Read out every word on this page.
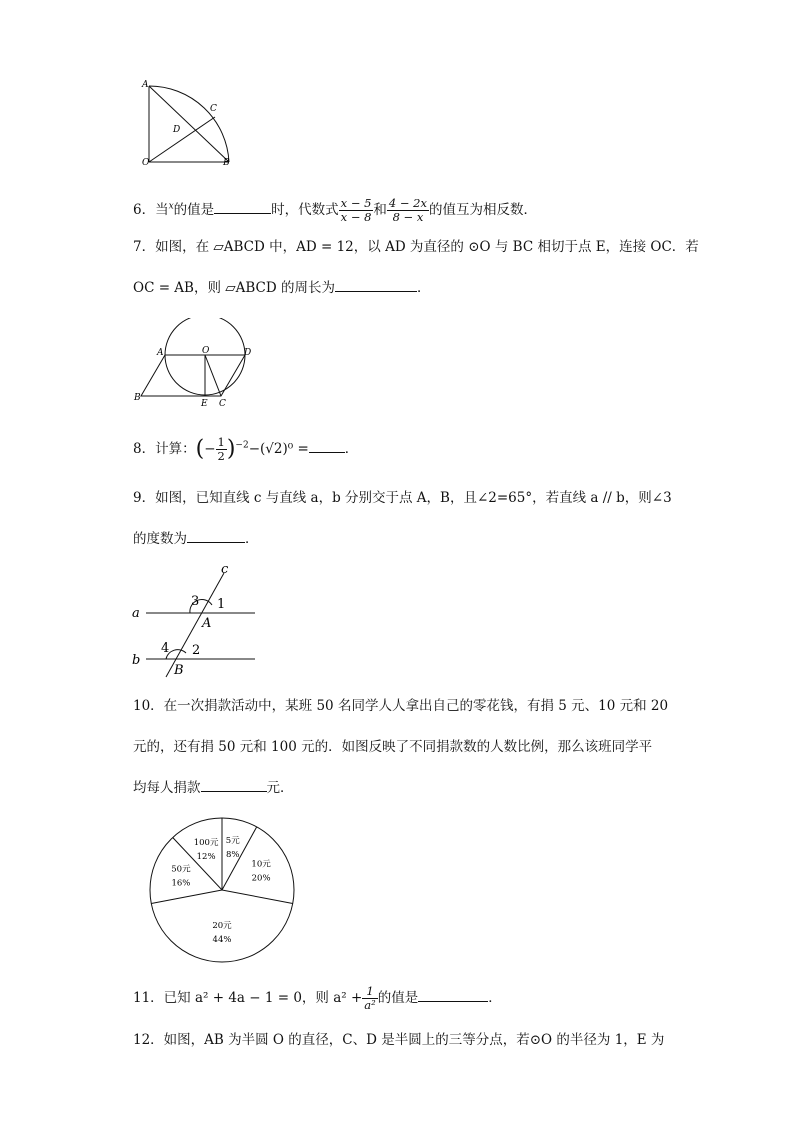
A
C
D
O	B
6．当$^x$的值是	时，代数式 $\frac{x - 5}{x - 8}$ 和 $\frac{4 - 2x}{8 - x}$ 的值互为相反数．
7．如图，在 ▱ABCD 中，AD = 12，以 AD 为直径的 ⊙O 与 BC 相切于点 E，连接 OC．若
OC = AB，则 ▱ABCD 的周长为	．
A	O	D
B
E C
8．计算：(− $\frac{1}{2} )^{-2}-(√2)^0$ =	．
9．如图，已知直线 c 与直线 a，b 分别交于点 A，B，且∠2=65°，若直线 a // b，则∠3
的度数为	．
c
a
b
3 1
A
4 2
B
10．在一次捐款活动中，某班 50 名同学人人拿出自己的零花钱，有捐 5 元、10 元和 20
元的，还有捐 50 元和 100 元的．如图反映了不同捐款数的人数比例，那么该班同学平
均每人捐款	元．
5元
8%
10元
20%
20元
44%
50元
16%
100元
12%
11．已知 a² + 4a − 1 = 0，则 $a^2 + \frac{1}{\text{a²}}$ 的值是	．
12．如图，AB 为半圆 O 的直径，C、D 是半圆上的三等分点，若⊙O 的半径为 1，E 为
